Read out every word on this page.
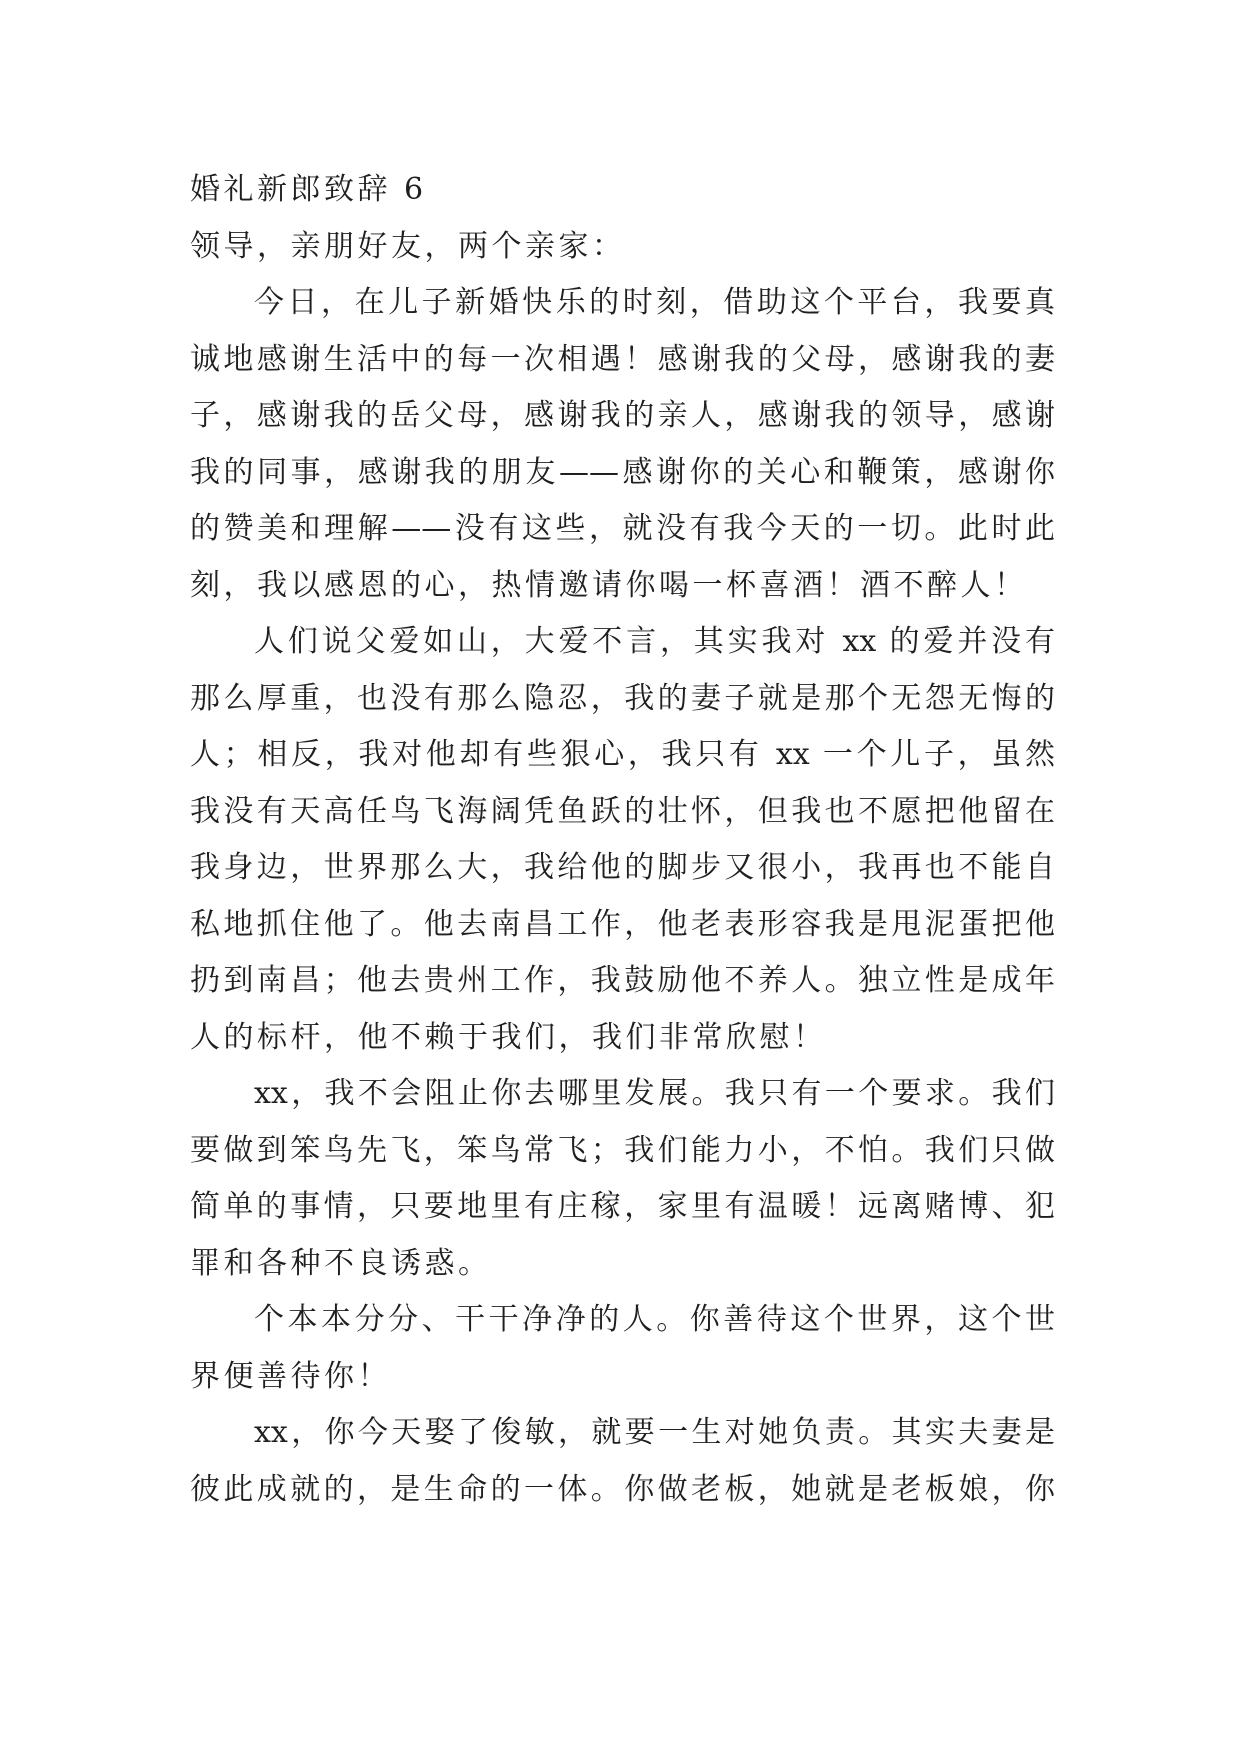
婚礼新郎致辞 6
领导，亲朋好友，两个亲家：
今日，在儿子新婚快乐的时刻，借助这个平台，我要真
诚地感谢生活中的每一次相遇！感谢我的父母，感谢我的妻
子，感谢我的岳父母，感谢我的亲人，感谢我的领导，感谢
我的同事，感谢我的朋友——感谢你的关心和鞭策，感谢你
的赞美和理解——没有这些，就没有我今天的一切。此时此
刻，我以感恩的心，热情邀请你喝一杯喜酒！酒不醉人！
人们说父爱如山，大爱不言，其实我对 xx 的爱并没有
那么厚重，也没有那么隐忍，我的妻子就是那个无怨无悔的
人；相反，我对他却有些狠心，我只有 xx 一个儿子，虽然
我没有天高任鸟飞海阔凭鱼跃的壮怀，但我也不愿把他留在
我身边，世界那么大，我给他的脚步又很小，我再也不能自
私地抓住他了。他去南昌工作，他老表形容我是甩泥蛋把他
扔到南昌；他去贵州工作，我鼓励他不养人。独立性是成年
人的标杆，他不赖于我们，我们非常欣慰！
xx，我不会阻止你去哪里发展。我只有一个要求。我们
要做到笨鸟先飞，笨鸟常飞；我们能力小，不怕。我们只做
简单的事情，只要地里有庄稼，家里有温暖！远离赌博、犯
罪和各种不良诱惑。
个本本分分、干干净净的人。你善待这个世界，这个世
界便善待你！
xx，你今天娶了俊敏，就要一生对她负责。其实夫妻是
彼此成就的，是生命的一体。你做老板，她就是老板娘，你
